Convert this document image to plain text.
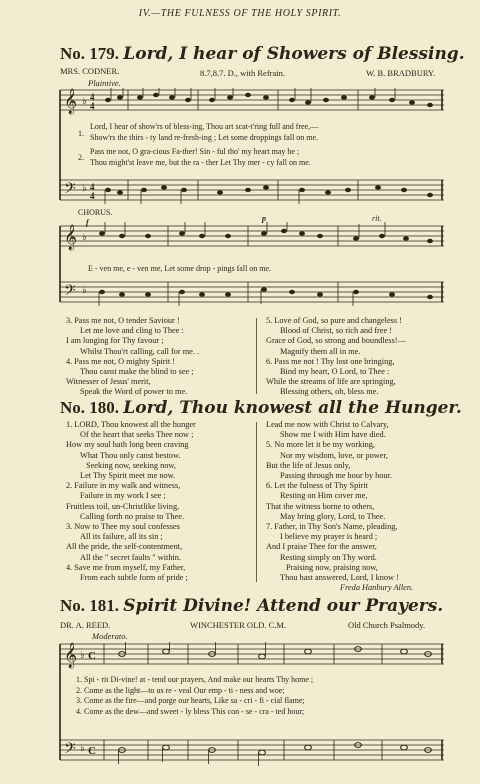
IV.—THE FULNESS OF THE HOLY SPIRIT.
No. 179. Lord, I hear of Showers of Blessing.
MRS. CODNER.	8.7,8.7. D., with Refrain.	W. B. BRADBURY.
Plaintive.
𝄞 ♭ 4
4
𝄢 ♭ 4
4
1.
2.
Lord, I hear of show'rs of bless-ing, Thou art scat-t'ring full and free,—
Show'rs the thirs - ty land re-fresh-ing ; Let some droppings fall on me.
Pass me not, O gra-cious Fa-ther! Sin - ful tho' my heart may be ;
Thou might'st leave me, but the ra - ther Let Thy mer - cy fall on me.
CHORUS.
f	p	rit.
𝄞 ♭
𝄢 ♭
E - ven me, e - ven me, Let some drop - pings fall on me.
3. Pass me not, O tender Saviour !
Let me love and cling to Thee :
I am longing for Thy favour ;
Whilst Thou'rt calling, call for me. .
4. Pass me not, O mighty Spirit !
Thou canst make the blind to see ;
Witnesser of Jesus' merit,
Speak the Word of power to me.
5. Love of God, so pure and changeless !
Blood of Christ, so rich and free !
Grace of God, so strong and boundless!—
Magnify them all in me.
6. Pass me not ! Thy lost one bringing,
Bind my heart, O Lord, to Thee :
While the streams of life are springing,
Blessing others, oh, bless me.
No. 180. Lord, Thou knowest all the Hunger.
1. LORD, Thou knowest all the hunger
Of the heart that seeks Thee now ;
How my soul hath long been craving
What Thou only canst bestow.
Seeking now, seeking now,
Let Thy Spirit meet me now.
2. Failure in my walk and witness,
Failure in my work I see ;
Fruitless toil, un-Christlike living,
Calling forth no praise to Thee.
3. Now to Thee my soul confesses
All its failure, all its sin ;
All the pride, the self-contentment,
All the " secret faults " within.
4. Save me from myself, my Father,
From each subtle form of pride ;
Lead me now with Christ to Calvary,
Show me I with Him have died.
5. No more let it be my working,
Nor my wisdom, love, or power,
But the life of Jesus only,
Passing through me hour by hour.
6. Let the fulness of Thy Spirit
Resting on Him cover me,
That the witness borne to others,
May bring glory, Lord, to Thee.
7. Father, in Thy Son's Name, pleading,
I believe my prayer is heard ;
And I praise Thee for the answer,
Resting simply on Thy word.
Praising now, praising now,
Thou hast answered, Lord, I know !
Freda Hanbury Allen.
No. 181. Spirit Divine! Attend our Prayers.
DR. A. REED.	WINCHESTER OLD. C.M.	Old Church Psalmody.
Moderato.
𝄞 ♭ C
𝄢 ♭ C
1. Spi - rit Di-vine! at - tend our prayers, And make our hearts Thy home ;
2. Come as the light—to us re - veal Our emp - ti - ness and woe;
3. Come as the fire—and purge our hearts, Like sa - cri - fi - cial flame;
4. Come as the dew—and sweet - ly bless This con - se - cra - ted hour;
